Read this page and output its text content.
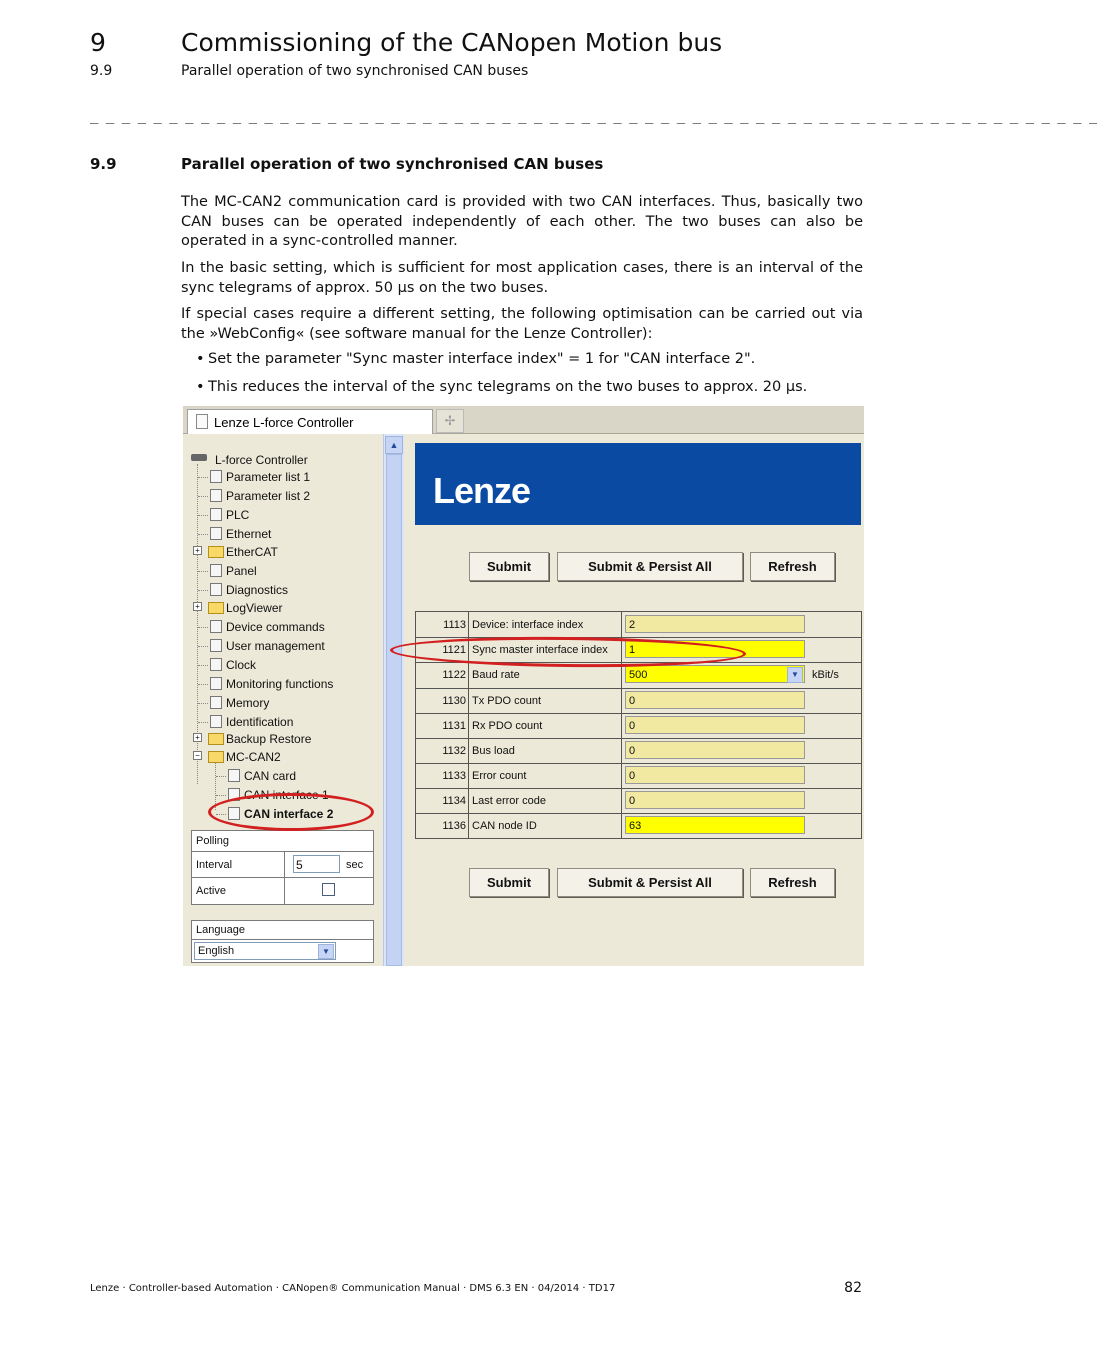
9	Commissioning of the CANopen Motion bus
9.9	Parallel operation of two synchronised CAN buses
_ _ _ _ _ _ _ _ _ _ _ _ _ _ _ _ _ _ _ _ _ _ _ _ _ _ _ _ _ _ _ _ _ _ _ _ _ _ _ _ _ _ _ _ _ _ _ _ _ _ _ _ _ _ _ _ _ _ _ _ _ _ _ _
9.9	Parallel operation of two synchronised CAN buses
The MC-CAN2 communication card is provided with two CAN interfaces. Thus, basically two CAN buses can be operated independently of each other. The two buses can also be operated in a sync-controlled manner.
In the basic setting, which is sufficient for most application cases, there is an interval of the sync telegrams of approx. 50 µs on the two buses.
If special cases require a different setting, the following optimisation can be carried out via the »WebConfig« (see software manual for the Lenze Controller):
• Set the parameter "Sync master interface index" = 1 for "CAN interface 2".
• This reduces the interval of the sync telegrams on the two buses to approx. 20 µs.
Lenze L-force Controller	✢
L-force Controller
Parameter list 1
Parameter list 2
PLC
Ethernet
+ EtherCAT
Panel
Diagnostics
+ LogViewer
Device commands
User management
Clock
Monitoring functions
Memory
Identification
+ Backup Restore
− MC-CAN2
CAN card
CAN interface 1
CAN interface 2
Polling
Interval	5	sec
Active
Language
English	▼
▲
Lenze
Submit	Submit & Persist All	Refresh
1113 Device: interface index	2
1121 Sync master interface index	1
1122 Baud rate	500	▼	kBit/s
1130 Tx PDO count	0
1131 Rx PDO count	0
1132 Bus load	0
1133 Error count	0
1134 Last error code	0
1136 CAN node ID	63
Submit	Submit & Persist All	Refresh
Lenze · Controller-based Automation · CANopen® Communication Manual · DMS 6.3 EN · 04/2014 · TD17	82
